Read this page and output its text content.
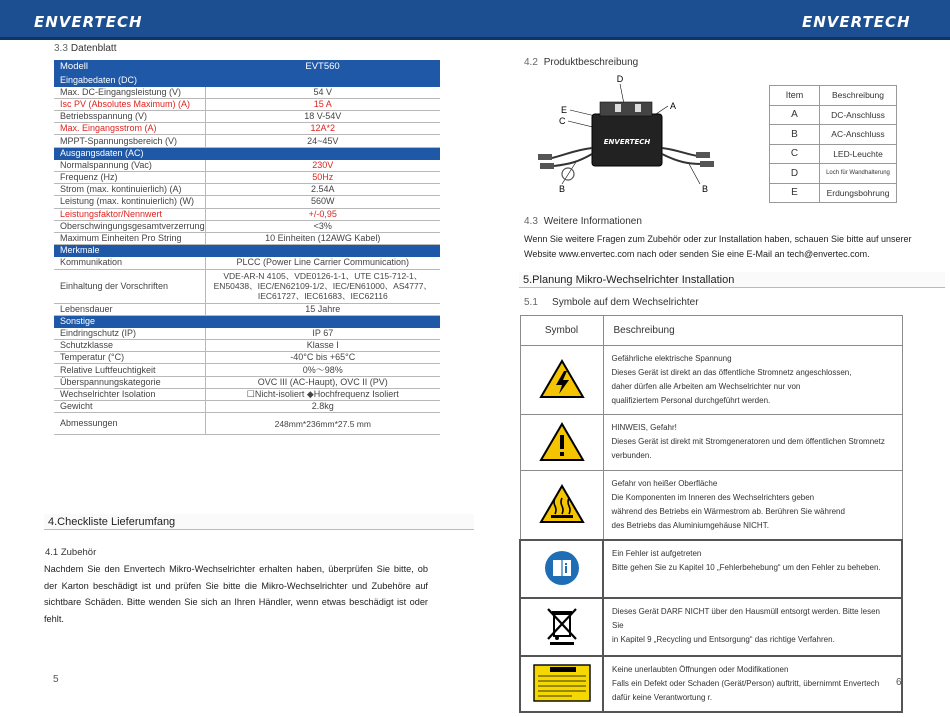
ENVERTECH	ENVERTECH
3.3 Datenblatt
Modell	EVT560
Eingabedaten (DC)	
Max. DC-Eingangsleistung (V)	54 V
Isc PV (Absolutes Maximum) (A)	15 A
Betriebsspannung (V)	18 V-54V
Max. Eingangsstrom (A)	12A*2
MPPT-Spannungsbereich (V)	24~45V
Ausgangsdaten (AC)	
Normalspannung (Vac)	230V
Frequenz (Hz)	50Hz
Strom (max. kontinuierlich) (A)	2.54A
Leistung (max. kontinuierlich) (W)	560W
Leistungsfaktor/Nennwert	+/-0,95
Oberschwingungsgesamtverzerrung	<3%
Maximum Einheiten Pro String	10 Einheiten (12AWG Kabel)
Merkmale	
Kommunikation	PLCC (Power Line Carrier Communication)
Einhaltung der Vorschriften	VDE-AR-N 4105、VDE0126-1-1、UTE C15-712-1、EN50438、IEC/EN62109-1/2、IEC/EN61000、AS4777、IEC61727、IEC61683、IEC62116
Lebensdauer	15 Jahre
Sonstige	
Eindringschutz (IP)	IP 67
Schutzklasse	Klasse I
Temperatur (°C)	-40°C bis +65°C
Relative Luftfeuchtigkeit	0%～98%
Überspannungskategorie	OVC III (AC-Haupt), OVC II (PV)
Wechselrichter Isolation	☐Nicht-isoliert ◆Hochfrequenz Isoliert
Gewicht	2.8kg
Abmessungen	248mm*236mm*27.5 mm
4.Checkliste Lieferumfang
4.1 Zubehör
Nachdem Sie den Envertech Mikro-Wechselrichter erhalten haben, überprüfen Sie bitte, ob der Karton beschädigt ist und prüfen Sie bitte die Mikro-Wechselrichter und Zubehöre auf sichtbare Schäden. Bitte wenden Sie sich an Ihren Händler, wenn etwas beschädigt ist oder fehlt.
5
4.2 Produktbeschreibung
D
E
C
A
B	B
ENVERTECH
Item	Beschreibung
A	DC-Anschluss
B	AC-Anschluss
C	LED-Leuchte
D	Loch für Wandhalterung
E	Erdungsbohrung
4.3 Weitere Informationen
Wenn Sie weitere Fragen zum Zubehör oder zur Installation haben, schauen Sie bitte auf unserer Website www.envertec.com nach oder senden Sie eine E-Mail an tech@envertec.com.
5.Planung Mikro-Wechselrichter Installation
5.1 Symbole auf dem Wechselrichter
Symbol	Beschreibung

Gefährliche elektrische Spannung
Dieses Gerät ist direkt an das öffentliche Stromnetz angeschlossen,
daher dürfen alle Arbeiten am Wechselrichter nur von
qualifiziertem Personal durchgeführt werden.

HINWEIS, Gefahr!
Dieses Gerät ist direkt mit Stromgeneratoren und dem öffentlichen Stromnetz
verbunden.

Gefahr von heißer Oberfläche
Die Komponenten im Inneren des Wechselrichters geben
während des Betriebs ein Wärmestrom ab. Berühren Sie während
des Betriebs das Aluminiumgehäuse NICHT.

Ein Fehler ist aufgetreten
Bitte gehen Sie zu Kapitel 10 „Fehlerbehebung“ um den Fehler zu beheben.

Dieses Gerät DARF NICHT über den Hausmüll entsorgt werden. Bitte lesen Sie
in Kapitel 9 „Recycling und Entsorgung“ das richtige Verfahren.

Keine unerlaubten Öffnungen oder Modifikationen
Falls ein Defekt oder Schaden (Gerät/Person) auftritt, übernimmt Envertech
dafür keine Verantwortung r.
6
